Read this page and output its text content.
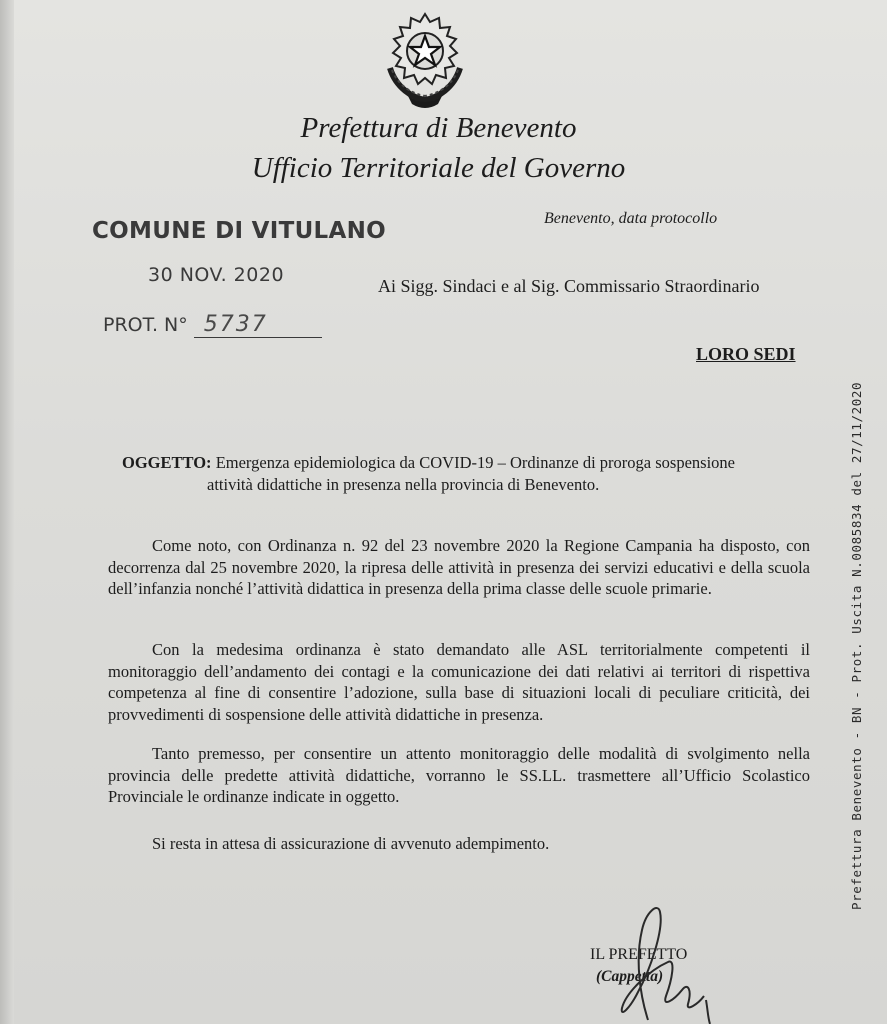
Prefettura di Benevento
Ufficio Territoriale del Governo
Benevento, data protocollo
COMUNE DI VITULANO
30 NOV. 2020
PROT. N° 5737
Ai Sigg. Sindaci e al Sig. Commissario Straordinario
LORO SEDI
OGGETTO: Emergenza epidemiologica da COVID-19 – Ordinanze di proroga sospensione
attività didattiche in presenza nella provincia di Benevento.
Come noto, con Ordinanza n. 92 del 23 novembre 2020 la Regione Campania ha disposto, con decorrenza dal 25 novembre 2020, la ripresa delle attività in presenza dei servizi educativi e della scuola dell’infanzia nonché l’attività didattica in presenza della prima classe delle scuole primarie.
Con la medesima ordinanza è stato demandato alle ASL territorialmente competenti il monitoraggio dell’andamento dei contagi e la comunicazione dei dati relativi ai territori di rispettiva competenza al fine di consentire l’adozione, sulla base di situazioni locali di peculiare criticità, dei provvedimenti di sospensione delle attività didattiche in presenza.
Tanto premesso, per consentire un attento monitoraggio delle modalità di svolgimento nella provincia delle predette attività didattiche, vorranno le SS.LL. trasmettere all’Ufficio Scolastico Provinciale le ordinanze indicate in oggetto.
Si resta in attesa di assicurazione di avvenuto adempimento.	Prefettura Benevento - BN - Prot. Uscita N.0085834 del 27/11/2020
IL PREFETTO
(Cappetta)
